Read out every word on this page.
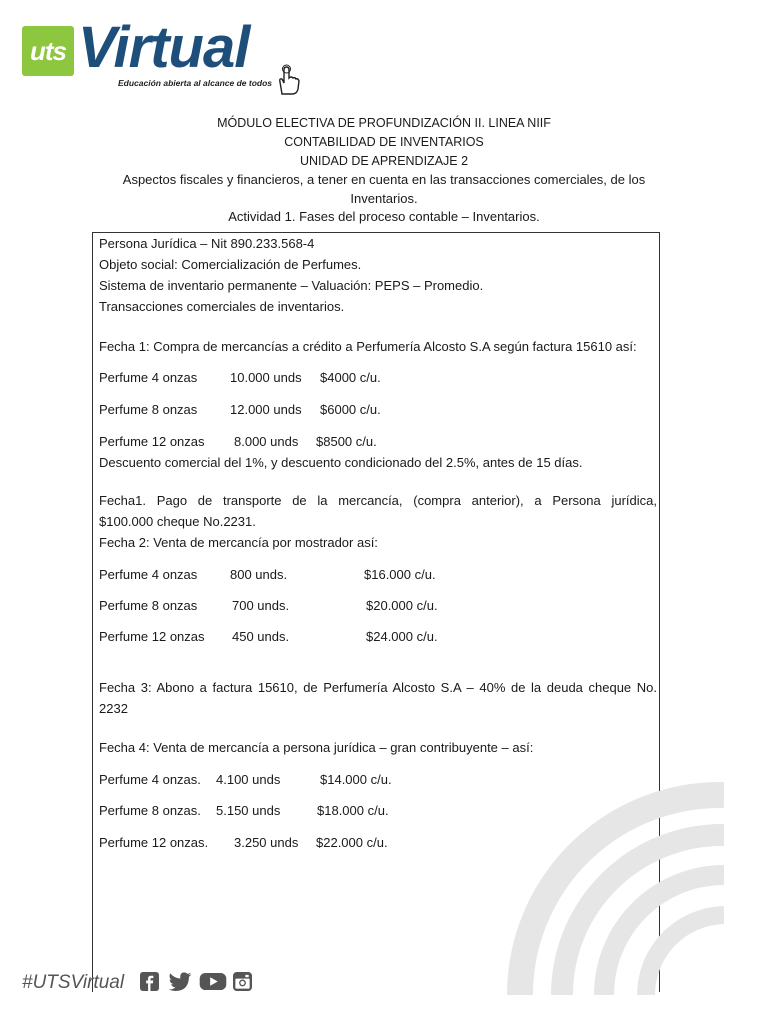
uts Virtual
Educación abierta al alcance de todos
MÓDULO ELECTIVA DE PROFUNDIZACIÓN II. LINEA NIIF
CONTABILIDAD DE INVENTARIOS
UNIDAD DE APRENDIZAJE 2
Aspectos fiscales y financieros, a tener en cuenta en las transacciones comerciales, de los Inventarios.
Actividad 1. Fases del proceso contable – Inventarios.
Persona Jurídica – Nit 890.233.568-4
Objeto social: Comercialización de Perfumes.
Sistema de inventario permanente – Valuación: PEPS – Promedio.
Transacciones comerciales de inventarios.
Fecha 1: Compra de mercancías a crédito a Perfumería Alcosto S.A según factura 15610 así:
Perfume 4 onzas	10.000 unds $4000 c/u.
Perfume 8 onzas	12.000 unds $6000 c/u.
Perfume 12 onzas 8.000 unds $8500 c/u.
Descuento comercial del 1%, y descuento condicionado del 2.5%, antes de 15 días.
Fecha1. Pago de transporte de la mercancía, (compra anterior), a Persona jurídica,
$100.000 cheque No.2231.
Fecha 2: Venta de mercancía por mostrador así:
Perfume 4 onzas	800 unds.	$16.000 c/u.
Perfume 8 onzas	700 unds.	$20.000 c/u.
Perfume 12 onzas 450 unds.	$24.000 c/u.
Fecha 3: Abono a factura 15610, de Perfumería Alcosto S.A – 40% de la deuda cheque No.
2232
Fecha 4: Venta de mercancía a persona jurídica – gran contribuyente – así:
Perfume 4 onzas. 4.100 unds	$14.000 c/u.
Perfume 8 onzas. 5.150 unds	$18.000 c/u.
Perfume 12 onzas. 3.250 unds $22.000 c/u.
#UTSVirtual
